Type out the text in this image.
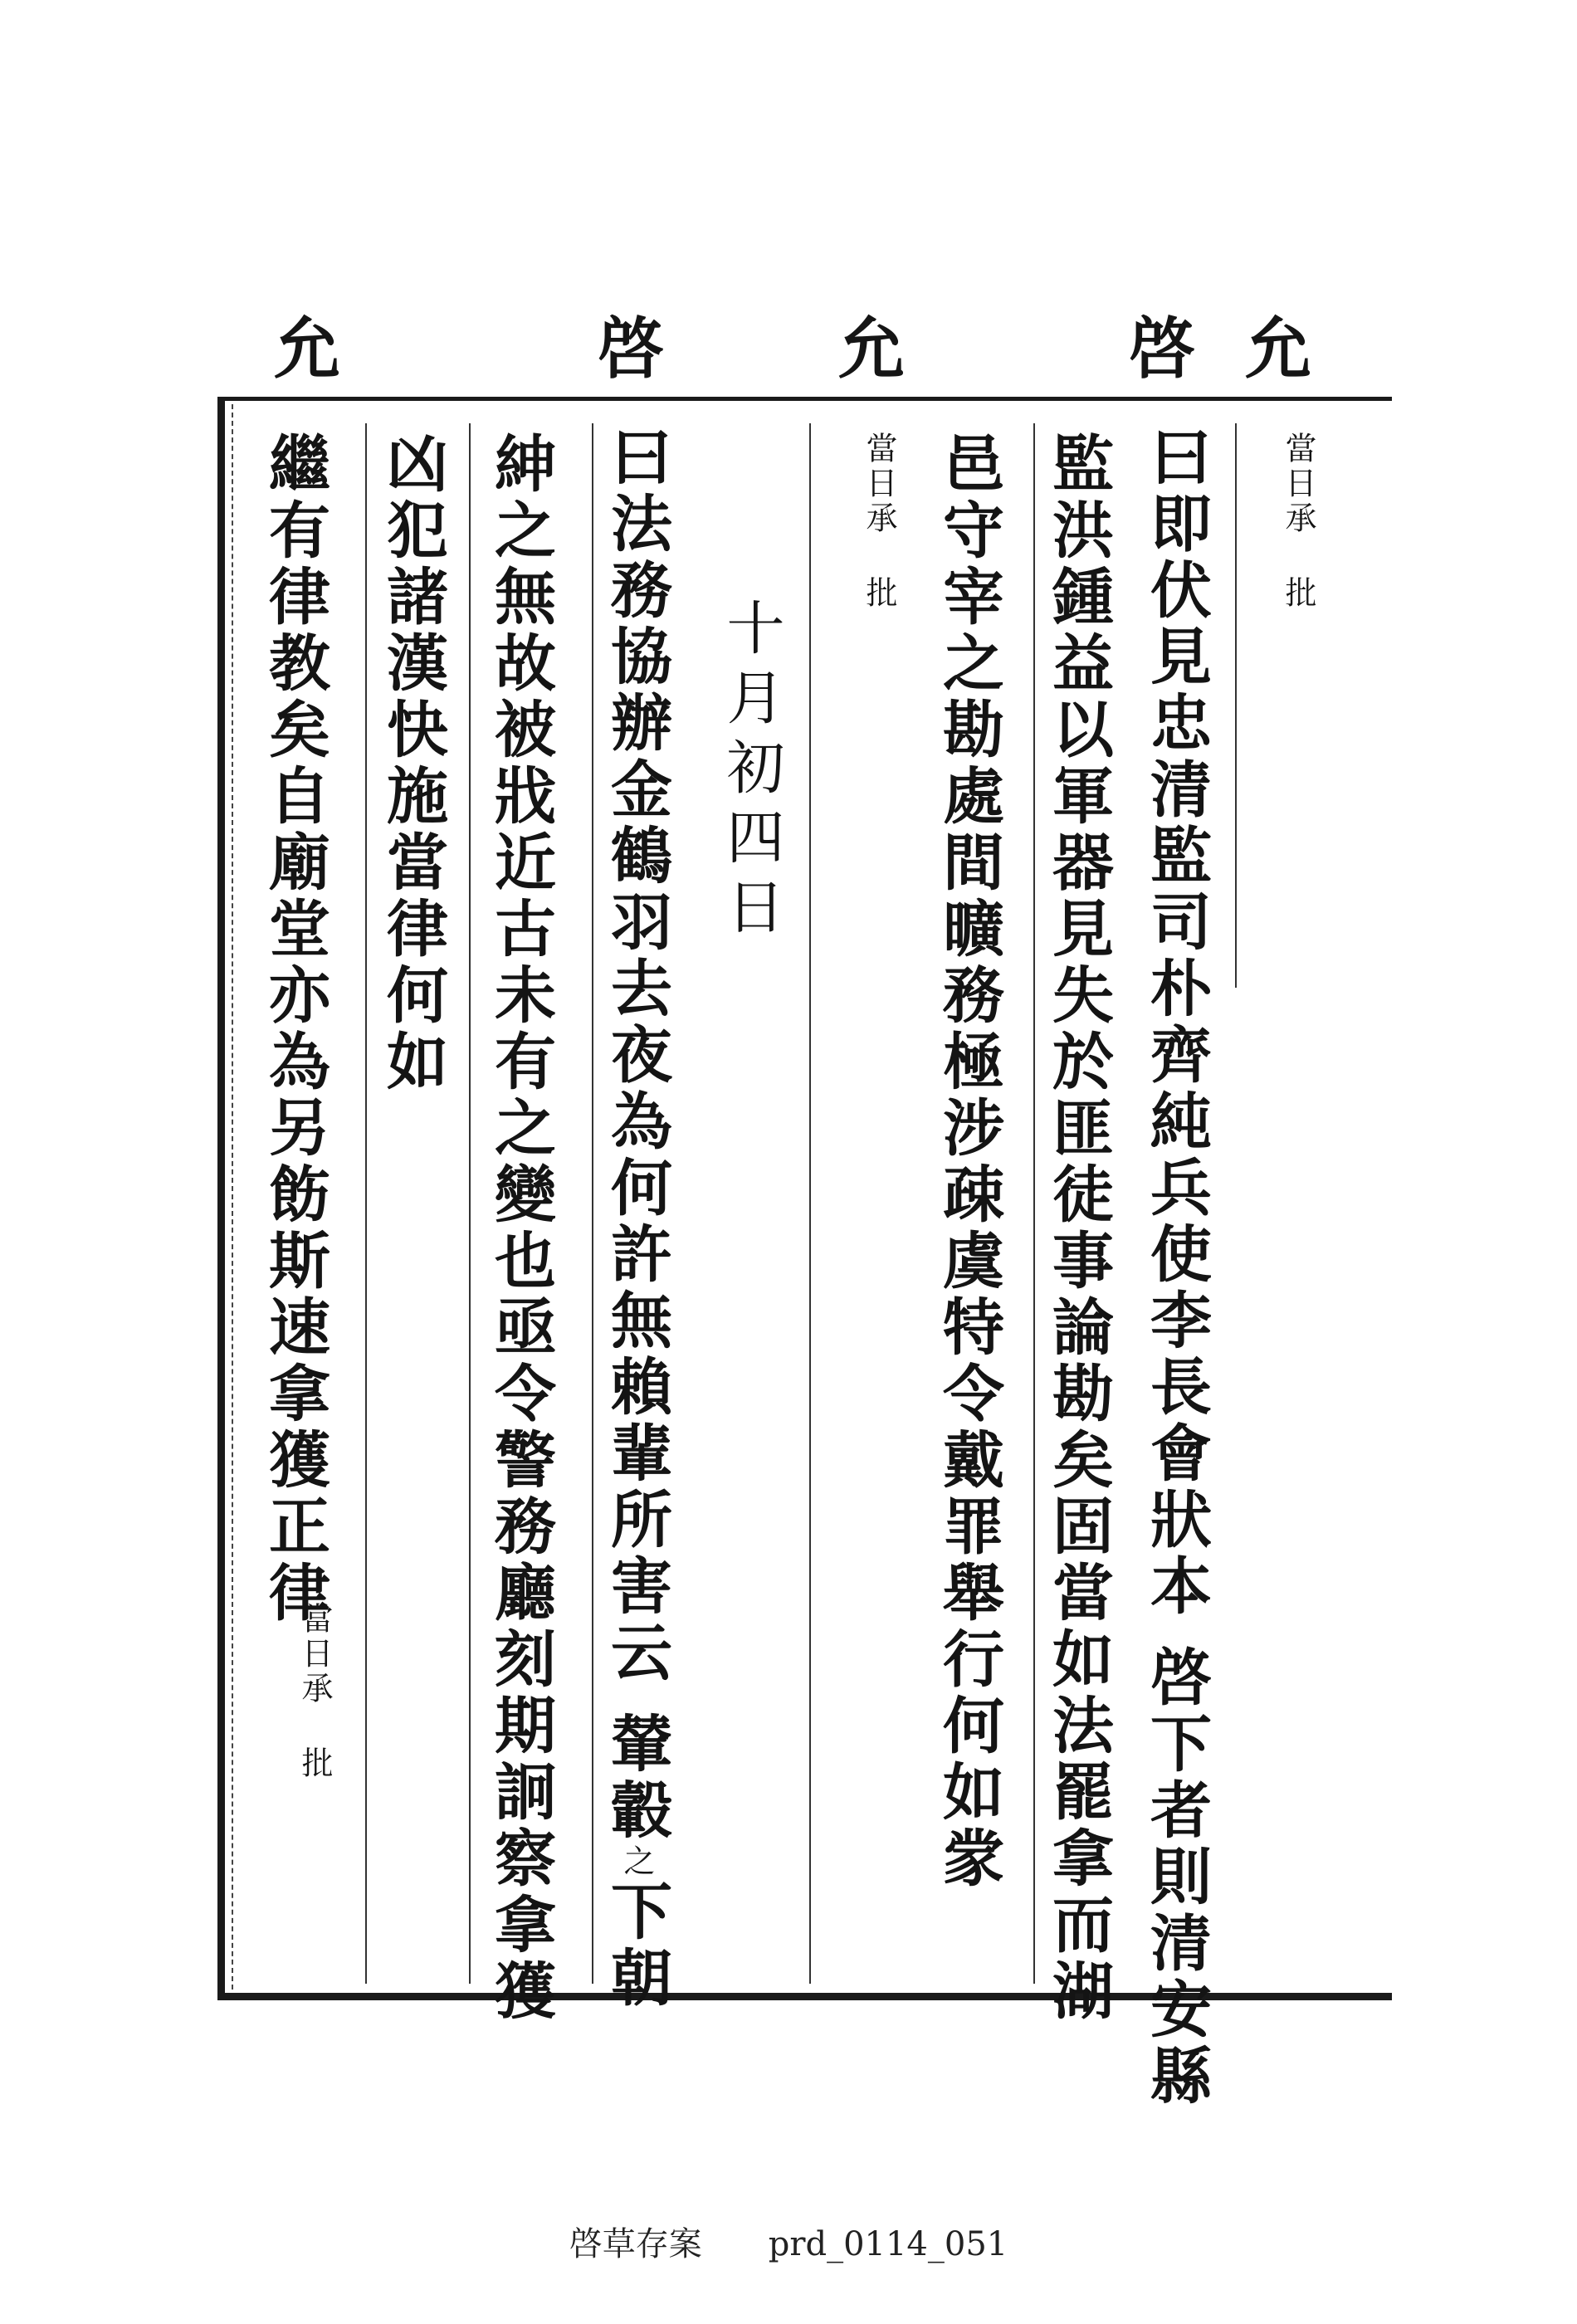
允
啓
允
啓
允
當日承 批
曰即伏見忠清監司朴齊純兵使李長會狀本啓下者則清安縣
監洪鍾益以軍器見失於匪徒事論勘矣固當如法罷拿而湖
邑守宰之勘處間曠務極涉疎虞特令戴罪舉行何如䝉
當日承 批
十月初四日
曰法務協辦金鶴羽去夜為何許無賴輩所害云輦轂之下朝
紳之無故被戕近古未有之變也亟令警務廳刻期詗察拿獲
凶犯諸漢快施當律何如
繼有律教矣自廟堂亦為另飭斯速拿獲正律
當日承 批
啓草存案 prd_0114_051
